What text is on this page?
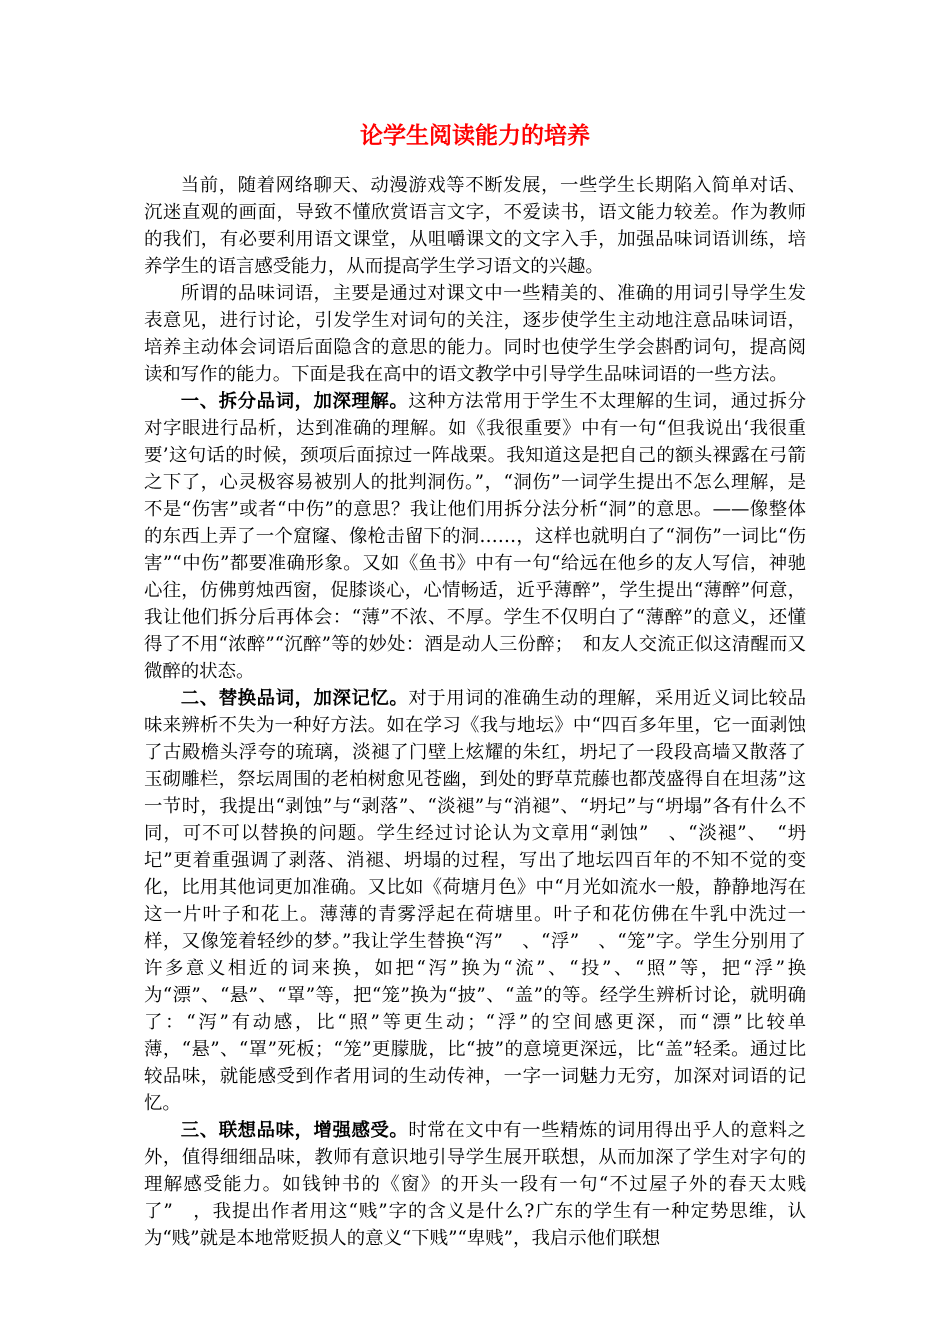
论学生阅读能力的培养

当前，随着网络聊天、动漫游戏等不断发展，一些学生长期陷入简单对话、沉迷直观的画面，导致不懂欣赏语言文字，不爱读书，语文能力较差。作为教师的我们，有必要利用语文课堂，从咀嚼课文的文字入手，加强品味词语训练，培养学生的语言感受能力，从而提高学生学习语文的兴趣。

所谓的品味词语，主要是通过对课文中一些精美的、准确的用词引导学生发表意见，进行讨论，引发学生对词句的关注，逐步使学生主动地注意品味词语，培养主动体会词语后面隐含的意思的能力。同时也使学生学会斟酌词句，提高阅读和写作的能力。下面是我在高中的语文教学中引导学生品味词语的一些方法。

一、拆分品词，加深理解。这种方法常用于学生不太理解的生词，通过拆分对字眼进行品析，达到准确的理解。如《我很重要》中有一句“但我说出‘我很重要’这句话的时候，颈项后面掠过一阵战栗。我知道这是把自己的额头裸露在弓箭之下了，心灵极容易被别人的批判洞伤。”，“洞伤”一词学生提出不怎么理解，是不是“伤害”或者“中伤”的意思？我让他们用拆分法分析“洞”的意思。——像整体的东西上弄了一个窟窿、像枪击留下的洞……，这样也就明白了“洞伤”一词比“伤害”“中伤”都要准确形象。又如《鱼书》中有一句“给远在他乡的友人写信，神驰心往，仿佛剪烛西窗，促膝谈心，心情畅适，近乎薄醉”，学生提出“薄醉”何意，我让他们拆分后再体会：“薄”不浓、不厚。学生不仅明白了“薄醉”的意义，还懂得了不用“浓醉”“沉醉”等的妙处：酒是动人三份醉；　和友人交流正似这清醒而又微醉的状态。

二、替换品词，加深记忆。对于用词的准确生动的理解，采用近义词比较品味来辨析不失为一种好方法。如在学习《我与地坛》中“四百多年里，它一面剥蚀了古殿檐头浮夸的琉璃，淡褪了门壁上炫耀的朱红，坍圮了一段段高墙又散落了玉砌雕栏，祭坛周围的老柏树愈见苍幽，到处的野草荒藤也都茂盛得自在坦荡”这一节时，我提出“剥蚀”与“剥落”、“淡褪”与“消褪”、“坍圮”与“坍塌”各有什么不同，可不可以替换的问题。学生经过讨论认为文章用“剥蚀”　、“淡褪”、　“坍圮”更着重强调了剥落、消褪、坍塌的过程，写出了地坛四百年的不知不觉的变化，比用其他词更加准确。又比如《荷塘月色》中“月光如流水一般，静静地泻在这一片叶子和花上。薄薄的青雾浮起在荷塘里。叶子和花仿佛在牛乳中洗过一样，又像笼着轻纱的梦。”我让学生替换“泻”　、“浮”　、“笼”字。学生分别用了许多意义相近的词来换，如把“泻”换为“流”、“投”、“照”等，把“浮”换为“漂”、“悬”、“罩”等，把“笼”换为“披”、“盖”的等。经学生辨析讨论，就明确了：“泻”有动感，比“照”等更生动；“浮”的空间感更深，而“漂”比较单薄，“悬”、“罩”死板；“笼”更朦胧，比“披”的意境更深远，比“盖”轻柔。通过比较品味，就能感受到作者用词的生动传神，一字一词魅力无穷，加深对词语的记忆。

三、联想品味，增强感受。时常在文中有一些精炼的词用得出乎人的意料之外，值得细细品味，教师有意识地引导学生展开联想，从而加深了学生对字句的理解感受能力。如钱钟书的《窗》的开头一段有一句“不过屋子外的春天太贱了”　，我提出作者用这“贱”字的含义是什么?广东的学生有一种定势思维，认为“贱”就是本地常贬损人的意义“下贱”“卑贱”，我启示他们联想
